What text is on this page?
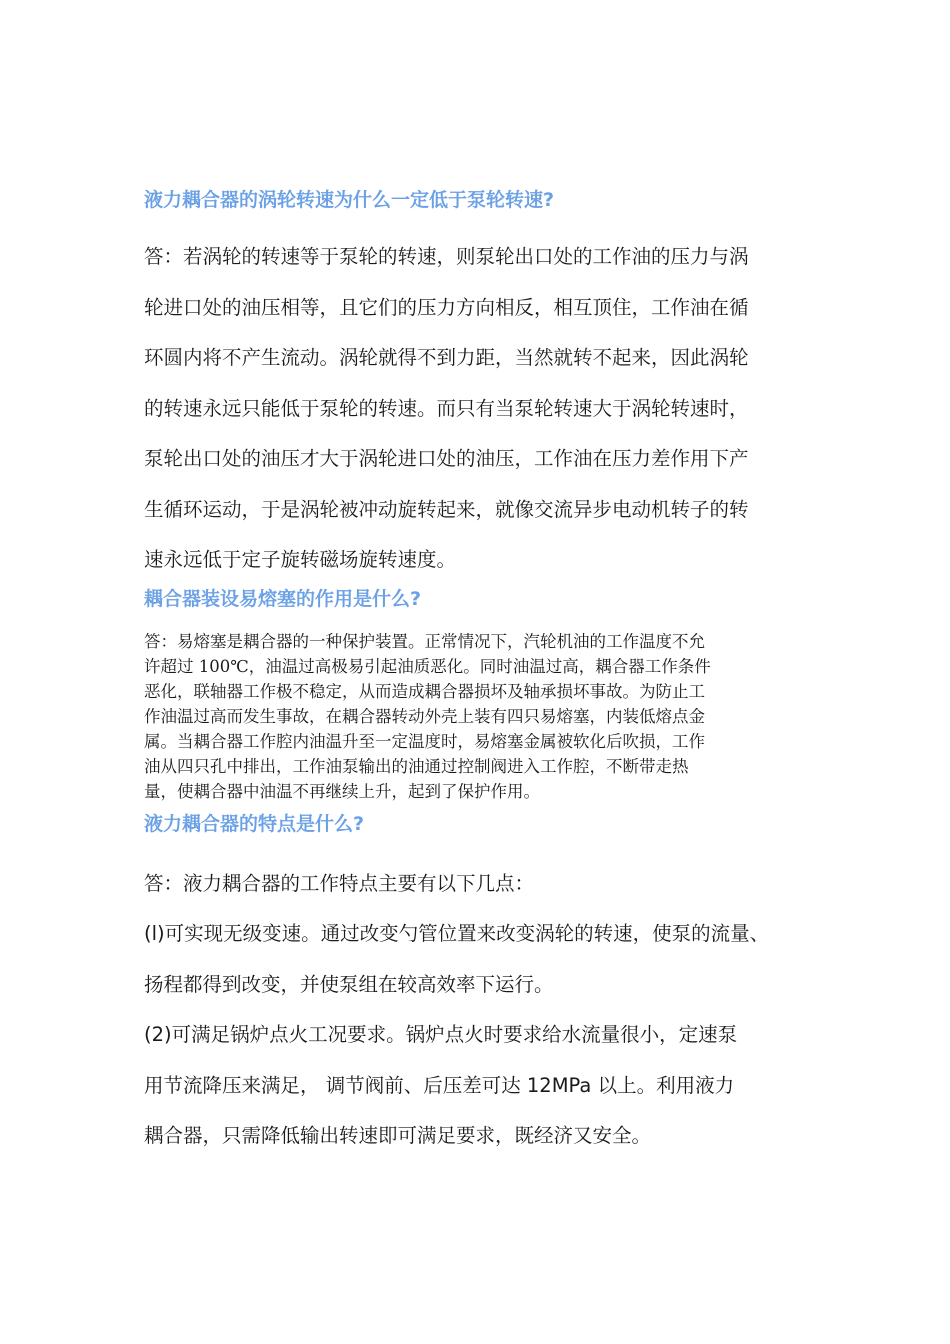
液力耦合器的涡轮转速为什么一定低于泵轮转速?
答：若涡轮的转速等于泵轮的转速，则泵轮出口处的工作油的压力与涡
轮进口处的油压相等，且它们的压力方向相反，相互顶住，工作油在循
环圆内将不产生流动。涡轮就得不到力距，当然就转不起来，因此涡轮
的转速永远只能低于泵轮的转速。而只有当泵轮转速大于涡轮转速时，
泵轮出口处的油压才大于涡轮进口处的油压，工作油在压力差作用下产
生循环运动，于是涡轮被冲动旋转起来，就像交流异步电动机转子的转
速永远低于定子旋转磁场旋转速度。
耦合器装设易熔塞的作用是什么?
答：易熔塞是耦合器的一种保护装置。正常情况下，汽轮机油的工作温度不允
许超过 100℃，油温过高极易引起油质恶化。同时油温过高，耦合器工作条件
恶化，联轴器工作极不稳定，从而造成耦合器损坏及轴承损坏事故。为防止工
作油温过高而发生事故，在耦合器转动外壳上装有四只易熔塞，内装低熔点金
属。当耦合器工作腔内油温升至一定温度时，易熔塞金属被软化后吹损，工作
油从四只孔中排出，工作油泵输出的油通过控制阀进入工作腔，不断带走热
量，使耦合器中油温不再继续上升，起到了保护作用。
液力耦合器的特点是什么?
答：液力耦合器的工作特点主要有以下几点：
(l)可实现无级变速。通过改变勺管位置来改变涡轮的转速，使泵的流量、
扬程都得到改变，并使泵组在较高效率下运行。
(2)可满足锅炉点火工况要求。锅炉点火时要求给水流量很小，定速泵
用节流降压来满足， 调节阀前、后压差可达 12MPa 以上。利用液力
耦合器，只需降低输出转速即可满足要求，既经济又安全。
